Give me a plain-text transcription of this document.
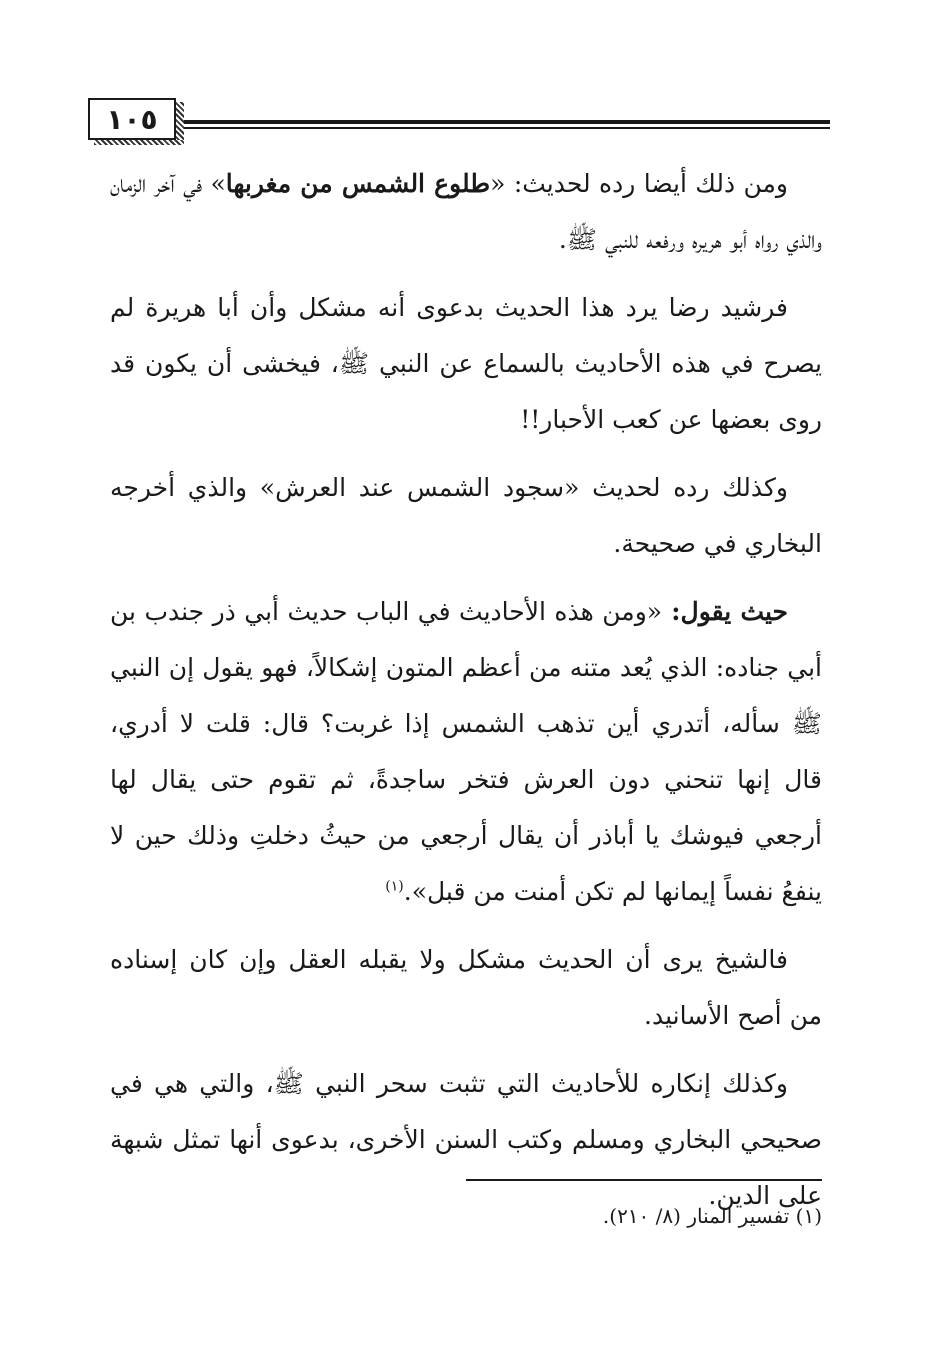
١٠٥

ومن ذلك أيضا رده لحديث: «طلوع الشمس من مغربها» في آخر الزمان والذي رواه أبو هريره ورفعه للنبي ﷺ.

فرشيد رضا يرد هذا الحديث بدعوى أنه مشكل وأن أبا هريرة لم يصرح في هذه الأحاديث بالسماع عن النبي ﷺ، فيخشى أن يكون قد روى بعضها عن كعب الأحبار!!

وكذلك رده لحديث «سجود الشمس عند العرش» والذي أخرجه البخاري في صحيحة.

حيث يقول: «ومن هذه الأحاديث في الباب حديث أبي ذر جندب بن أبي جناده: الذي يُعد متنه من أعظم المتون إشكالاً، فهو يقول إن النبي ﷺ سأله، أتدري أين تذهب الشمس إذا غربت؟ قال: قلت لا أدري، قال إنها تنحني دون العرش فتخر ساجدةً، ثم تقوم حتى يقال لها أرجعي فيوشك يا أباذر أن يقال أرجعي من حيثُ دخلتِ وذلك حين لا ينفعُ نفساً إيمانها لم تكن أمنت من قبل».$^{(١)}$

فالشيخ يرى أن الحديث مشكل ولا يقبله العقل وإن كان إسناده من أصح الأسانيد.

وكذلك إنكاره للأحاديث التي تثبت سحر النبي ﷺ، والتي هي في صحيحي البخاري ومسلم وكتب السنن الأخرى، بدعوى أنها تمثل شبهة على الدين.

(١) تفسير المنار (٨/ ٢١٠).
